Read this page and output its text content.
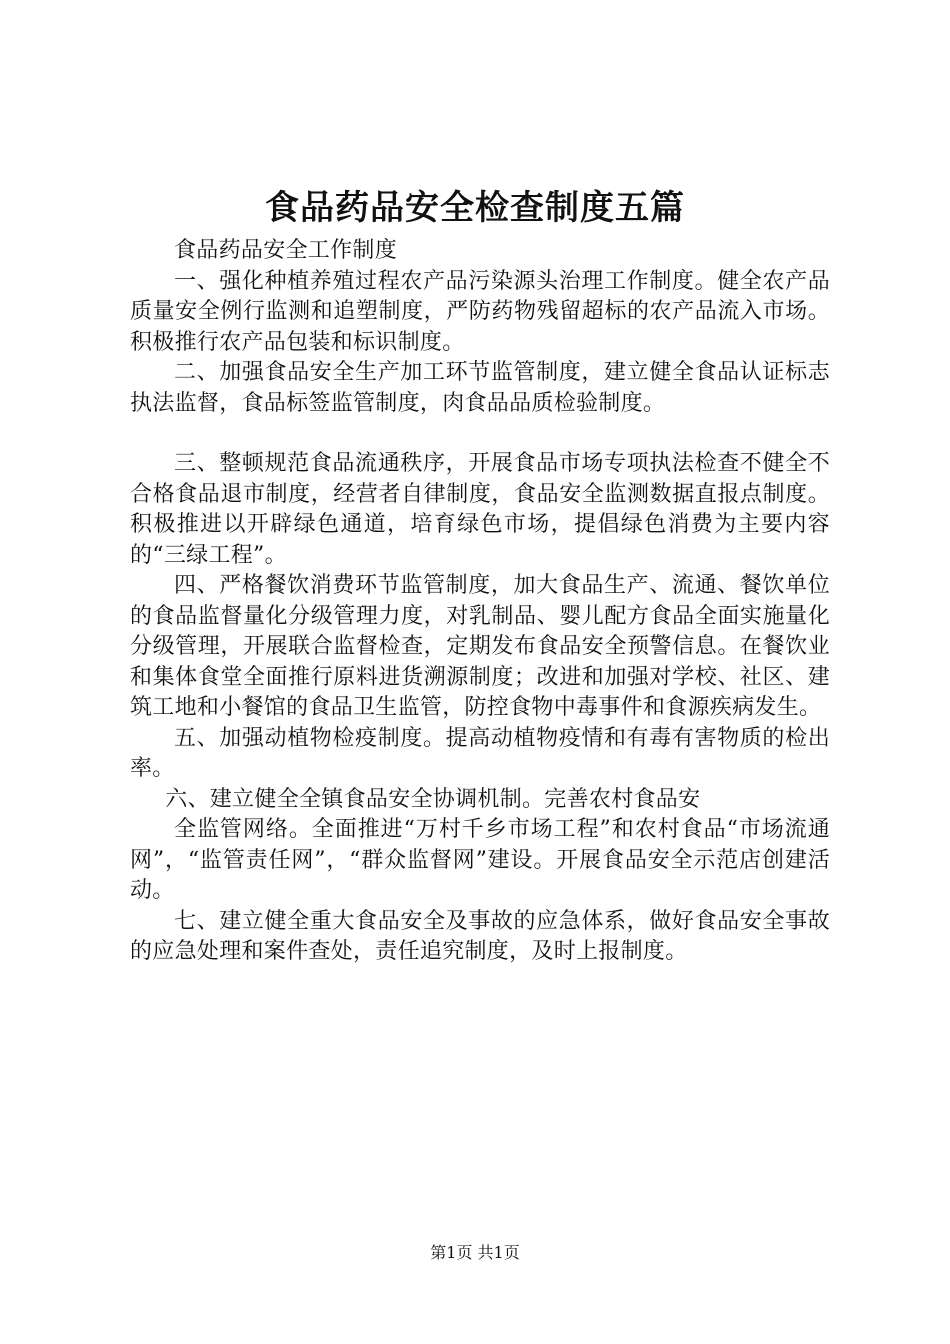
食品药品安全检查制度五篇

食品药品安全工作制度

一、强化种植养殖过程农产品污染源头治理工作制度。健全农产品质量安全例行监测和追塑制度，严防药物残留超标的农产品流入市场。积极推行农产品包装和标识制度。

二、加强食品安全生产加工环节监管制度，建立健全食品认证标志执法监督，食品标签监管制度，肉食品品质检验制度。

三、整顿规范食品流通秩序，开展食品市场专项执法检查不健全不合格食品退市制度，经营者自律制度，食品安全监测数据直报点制度。积极推进以开辟绿色通道，培育绿色市场，提倡绿色消费为主要内容的“三绿工程”。

四、严格餐饮消费环节监管制度，加大食品生产、流通、餐饮单位的食品监督量化分级管理力度，对乳制品、婴儿配方食品全面实施量化分级管理，开展联合监督检查，定期发布食品安全预警信息。在餐饮业和集体食堂全面推行原料进货溯源制度；改进和加强对学校、社区、建筑工地和小餐馆的食品卫生监管，防控食物中毒事件和食源疾病发生。

五、加强动植物检疫制度。提高动植物疫情和有毒有害物质的检出率。

六、建立健全全镇食品安全协调机制。完善农村食品安

全监管网络。全面推进“万村千乡市场工程”和农村食品“市场流通网”，“监管责任网”，“群众监督网”建设。开展食品安全示范店创建活动。

七、建立健全重大食品安全及事故的应急体系，做好食品安全事故的应急处理和案件查处，责任追究制度，及时上报制度。

第1页 共1页
